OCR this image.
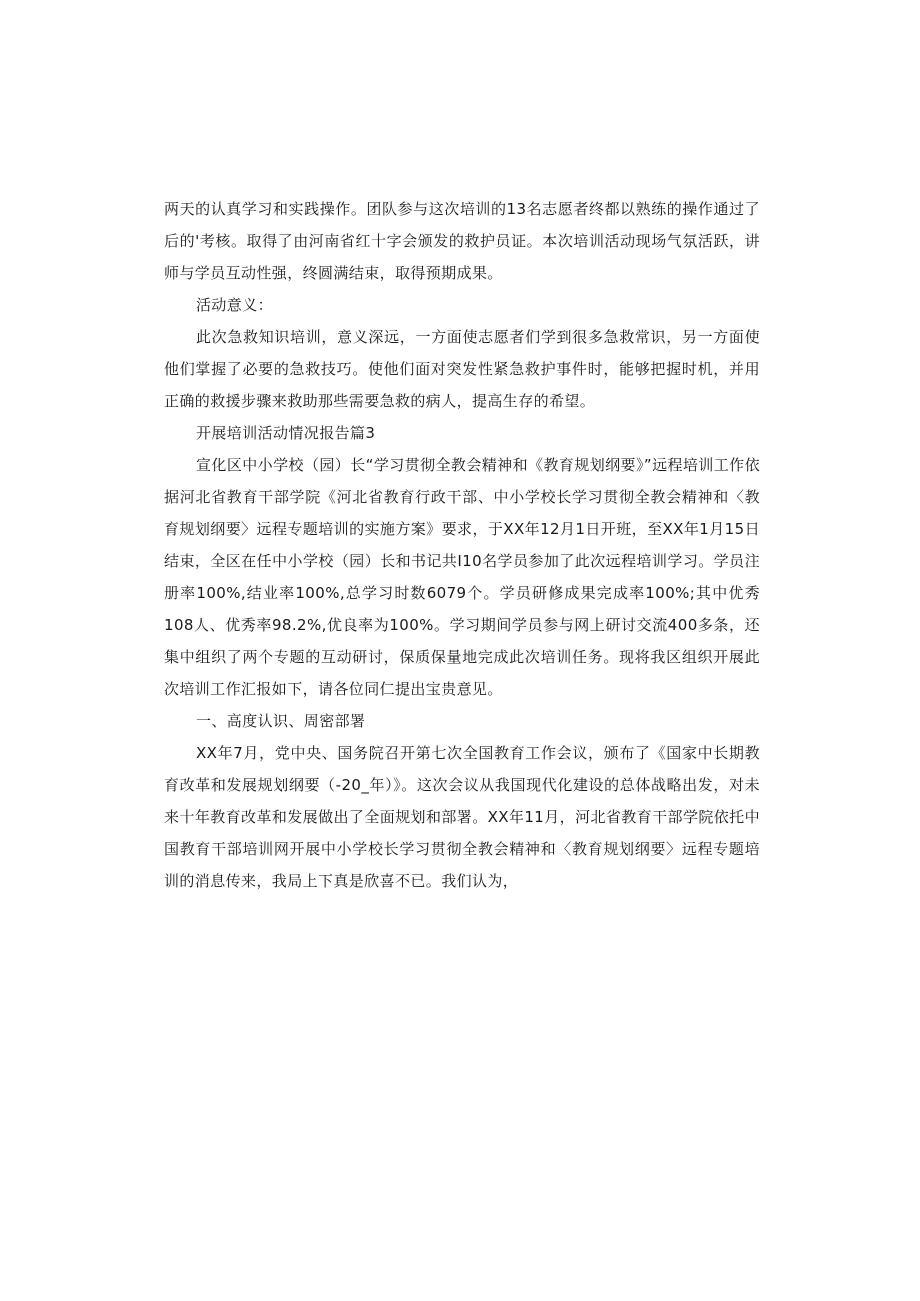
两天的认真学习和实践操作。团队参与这次培训的13名志愿者终都以熟练的操作通过了后的'考核。取得了由河南省红十字会颁发的救护员证。本次培训活动现场气氛活跃，讲师与学员互动性强，终圆满结束，取得预期成果。

活动意义：

此次急救知识培训，意义深远，一方面使志愿者们学到很多急救常识，另一方面使他们掌握了必要的急救技巧。使他们面对突发性紧急救护事件时，能够把握时机，并用正确的救援步骤来救助那些需要急救的病人，提高生存的希望。

开展培训活动情况报告篇3

宣化区中小学校（园）长“学习贯彻全教会精神和《教育规划纲要》”远程培训工作依据河北省教育干部学院《河北省教育行政干部、中小学校长学习贯彻全教会精神和〈教育规划纲要〉远程专题培训的实施方案》要求，于XX年12月1日开班，至XX年1月15日结束，全区在任中小学校（园）长和书记共I10名学员参加了此次远程培训学习。学员注册率100%,结业率100%,总学习时数6079个。学员研修成果完成率100%;其中优秀108人、优秀率98.2%,优良率为100%。学习期间学员参与网上研讨交流400多条，还集中组织了两个专题的互动研讨，保质保量地完成此次培训任务。现将我区组织开展此次培训工作汇报如下，请各位同仁提出宝贵意见。

一、高度认识、周密部署

XX年7月，党中央、国务院召开第七次全国教育工作会议，颁布了《国家中长期教育改革和发展规划纲要（-20_年）》。这次会议从我国现代化建设的总体战略出发，对未来十年教育改革和发展做出了全面规划和部署。XX年11月，河北省教育干部学院依托中国教育干部培训网开展中小学校长学习贯彻全教会精神和〈教育规划纲要〉远程专题培训的消息传来，我局上下真是欣喜不已。我们认为，
